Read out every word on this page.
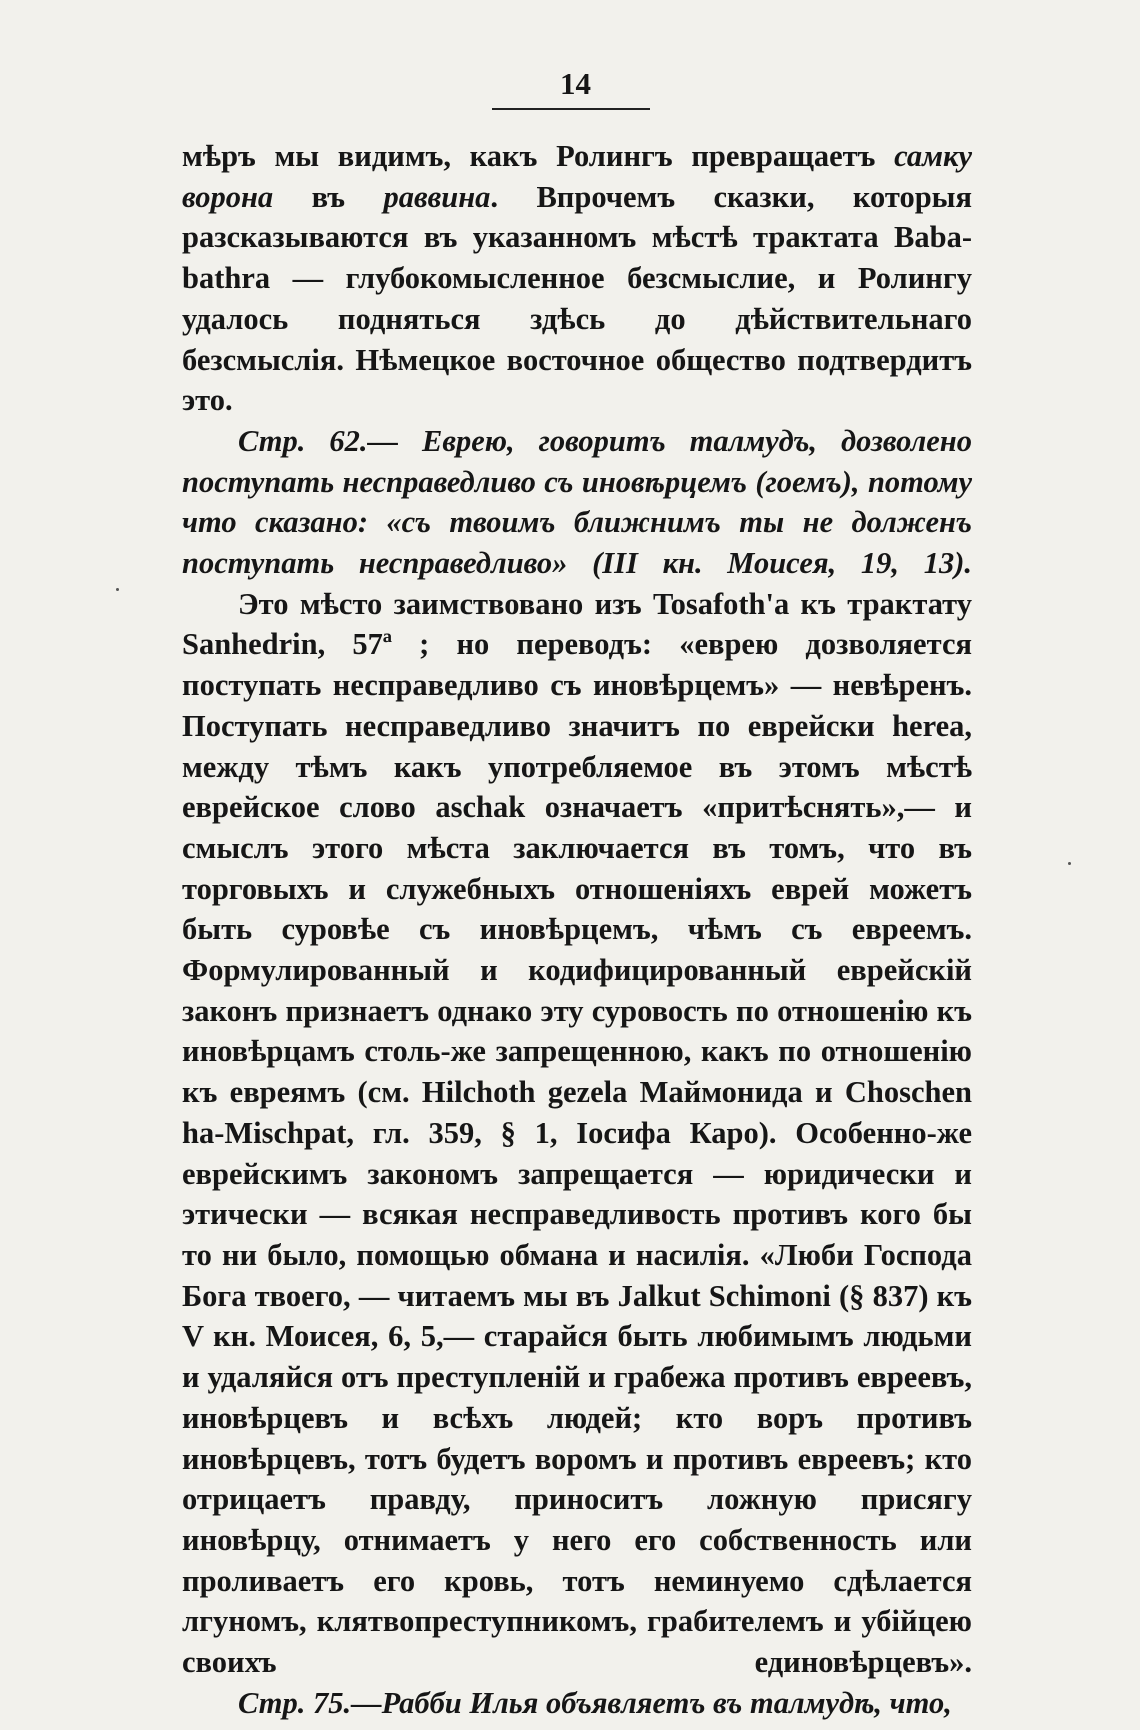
14

мѣръ мы видимъ, какъ Ролингъ превращаетъ самку ворона въ раввина. Впрочемъ сказки, которыя разсказываются въ указанномъ мѣстѣ трактата Baba-bathra — глубокомысленное безсмыслие, и Ролингу удалось подняться здѣсь до дѣйствительнаго безсмыслія. Нѣмецкое восточное общество подтвердитъ это.

Стр. 62.— Еврею, говоритъ талмудъ, дозволено поступать несправедливо съ иновѣрцемъ (гоемъ), потому что сказано: «съ твоимъ ближнимъ ты не долженъ поступать несправедливо» (III кн. Моисея, 19, 13).

Это мѣсто заимствовано изъ Tosafoth'а къ трактату Sanhedrin, 57ª ; но переводъ: «еврею дозволяется поступать несправедливо съ иновѣрцемъ» — невѣренъ. Поступать несправедливо значитъ по еврейски herea, между тѣмъ какъ употребляемое въ этомъ мѣстѣ еврейское слово aschak означаетъ «притѣснять»,— и смыслъ этого мѣста заключается въ томъ, что въ торговыхъ и служебныхъ отношеніяхъ еврей можетъ быть суровѣе съ иновѣрцемъ, чѣмъ съ евреемъ. Формулированный и кодифицированный еврейскій законъ признаетъ однако эту суровость по отношенію къ иновѣрцамъ столь-же запрещенною, какъ по отношенію къ евреямъ (см. Hilchoth gezela Маймонида и Choschen ha-Mischpat, гл. 359, § 1, Іосифа Каро). Особенно-же еврейскимъ закономъ запрещается — юридически и этически — всякая несправедливость противъ кого бы то ни было, помощью обмана и насилія. «Люби Господа Бога твоего, — читаемъ мы въ Jalkut Schimoni (§ 837) къ V кн. Моисея, 6, 5,— старайся быть любимымъ людьми и удаляйся отъ преступленій и грабежа противъ евреевъ, иновѣрцевъ и всѣхъ людей; кто воръ противъ иновѣрцевъ, тотъ будетъ воромъ и противъ евреевъ; кто отрицаетъ правду, приноситъ ложную присягу иновѣрцу, отнимаетъ у него его собственность или проливаетъ его кровь, тотъ неминуемо сдѣлается лгуномъ, клятвопреступникомъ, грабителемъ и убійцею своихъ единовѣрцевъ».

Стр. 75.—Рабби Илья объявляетъ въ талмудѣ, что,
